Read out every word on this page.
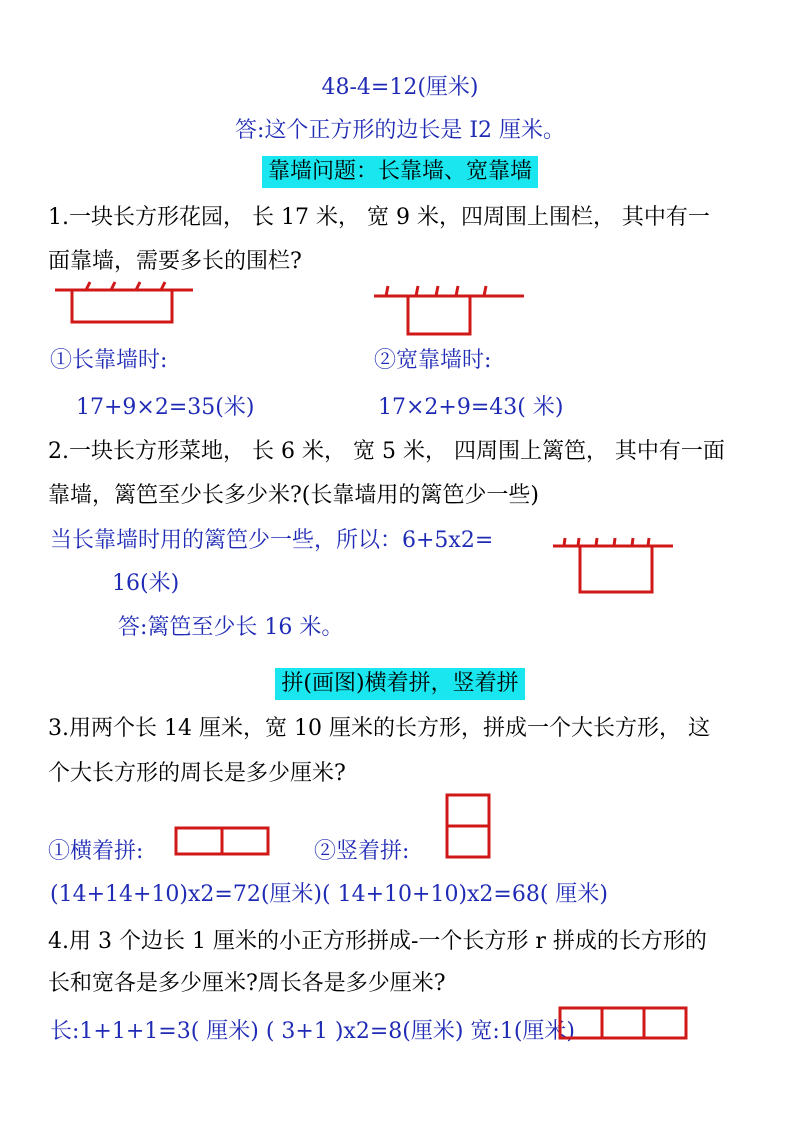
48-4=12(厘米)
答:这个正方形的边长是 I2 厘米。
靠墙问题：长靠墙、宽靠墙
1.一块长方形花园， 长 17 米， 宽 9 米，四周围上围栏， 其中有一
面靠墙，需要多长的围栏?
①长靠墙时:	②宽靠墙时:
17+9×2=35(米)	17×2+9=43( 米)
2.一块长方形菜地， 长 6 米， 宽 5 米， 四周围上篱笆， 其中有一面
靠墙，篱笆至少长多少米?(长靠墙用的篱笆少一些)
当长靠墙时用的篱笆少一些，所以：6+5x2=
16(米)
答:篱笆至少长 16 米。
拼(画图)横着拼，竖着拼
3.用两个长 14 厘米，宽 10 厘米的长方形，拼成一个大长方形， 这
个大长方形的周长是多少厘米?
①横着拼:	②竖着拼:
(14+14+10)x2=72(厘米)( 14+10+10)x2=68( 厘米)
4.用 3 个边长 1 厘米的小正方形拼成-一个长方形 r 拼成的长方形的
长和宽各是多少厘米?周长各是多少厘米?
长:1+1+1=3( 厘米) ( 3+1 )x2=8(厘米) 宽:1(厘米)
